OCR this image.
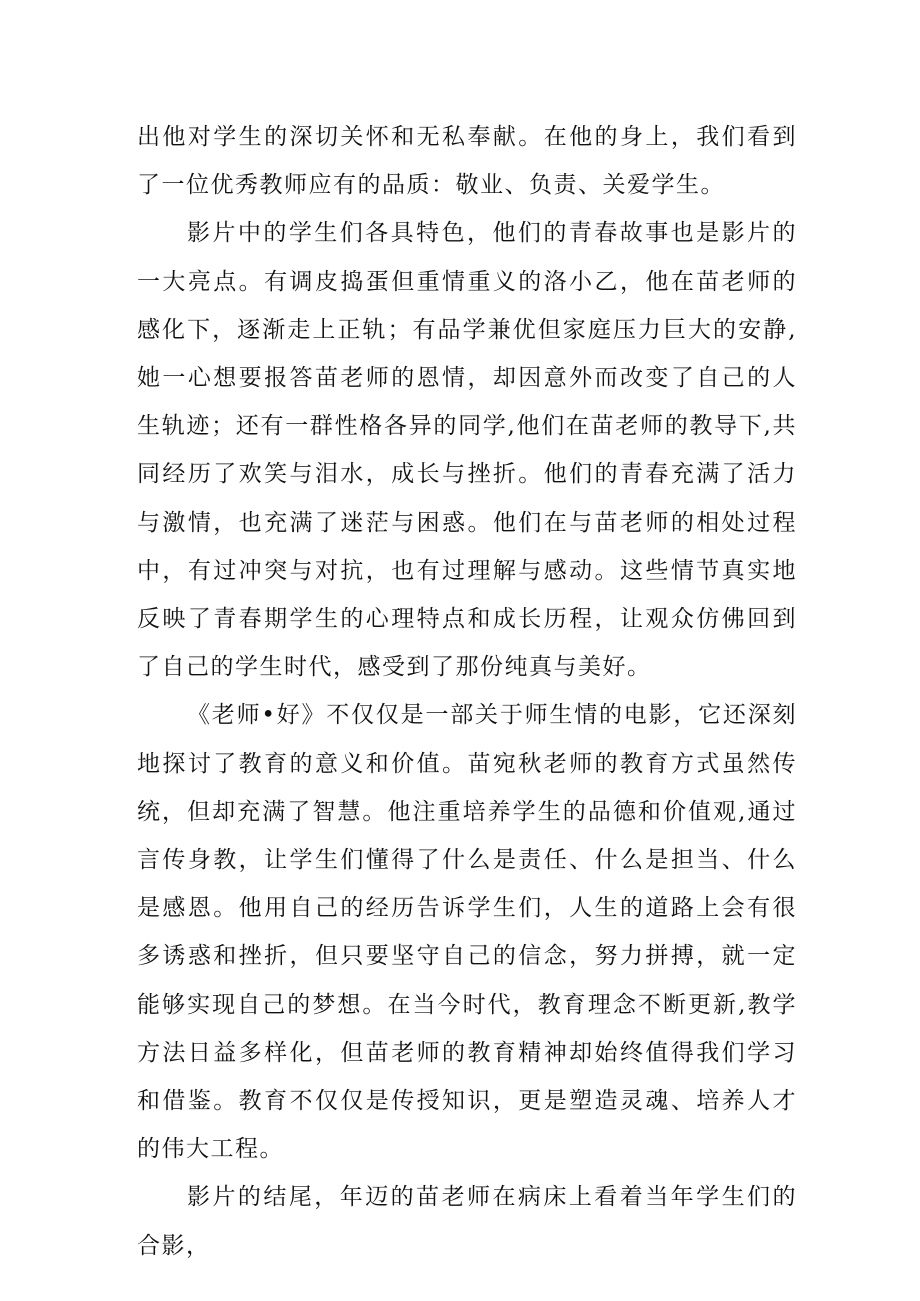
出他对学生的深切关怀和无私奉献。在他的身上，我们看到了一位优秀教师应有的品质：敬业、负责、关爱学生。

影片中的学生们各具特色，他们的青春故事也是影片的一大亮点。有调皮捣蛋但重情重义的洛小乙，他在苗老师的感化下，逐渐走上正轨；有品学兼优但家庭压力巨大的安静,她一心想要报答苗老师的恩情，却因意外而改变了自己的人生轨迹；还有一群性格各异的同学,他们在苗老师的教导下,共同经历了欢笑与泪水，成长与挫折。他们的青春充满了活力与激情，也充满了迷茫与困惑。他们在与苗老师的相处过程中，有过冲突与对抗，也有过理解与感动。这些情节真实地反映了青春期学生的心理特点和成长历程，让观众仿佛回到了自己的学生时代，感受到了那份纯真与美好。

《老师•好》不仅仅是一部关于师生情的电影，它还深刻地探讨了教育的意义和价值。苗宛秋老师的教育方式虽然传统，但却充满了智慧。他注重培养学生的品德和价值观,通过言传身教，让学生们懂得了什么是责任、什么是担当、什么是感恩。他用自己的经历告诉学生们，人生的道路上会有很多诱惑和挫折，但只要坚守自己的信念，努力拼搏，就一定能够实现自己的梦想。在当今时代，教育理念不断更新,教学方法日益多样化，但苗老师的教育精神却始终值得我们学习和借鉴。教育不仅仅是传授知识，更是塑造灵魂、培养人才的伟大工程。

影片的结尾，年迈的苗老师在病床上看着当年学生们的合影，
